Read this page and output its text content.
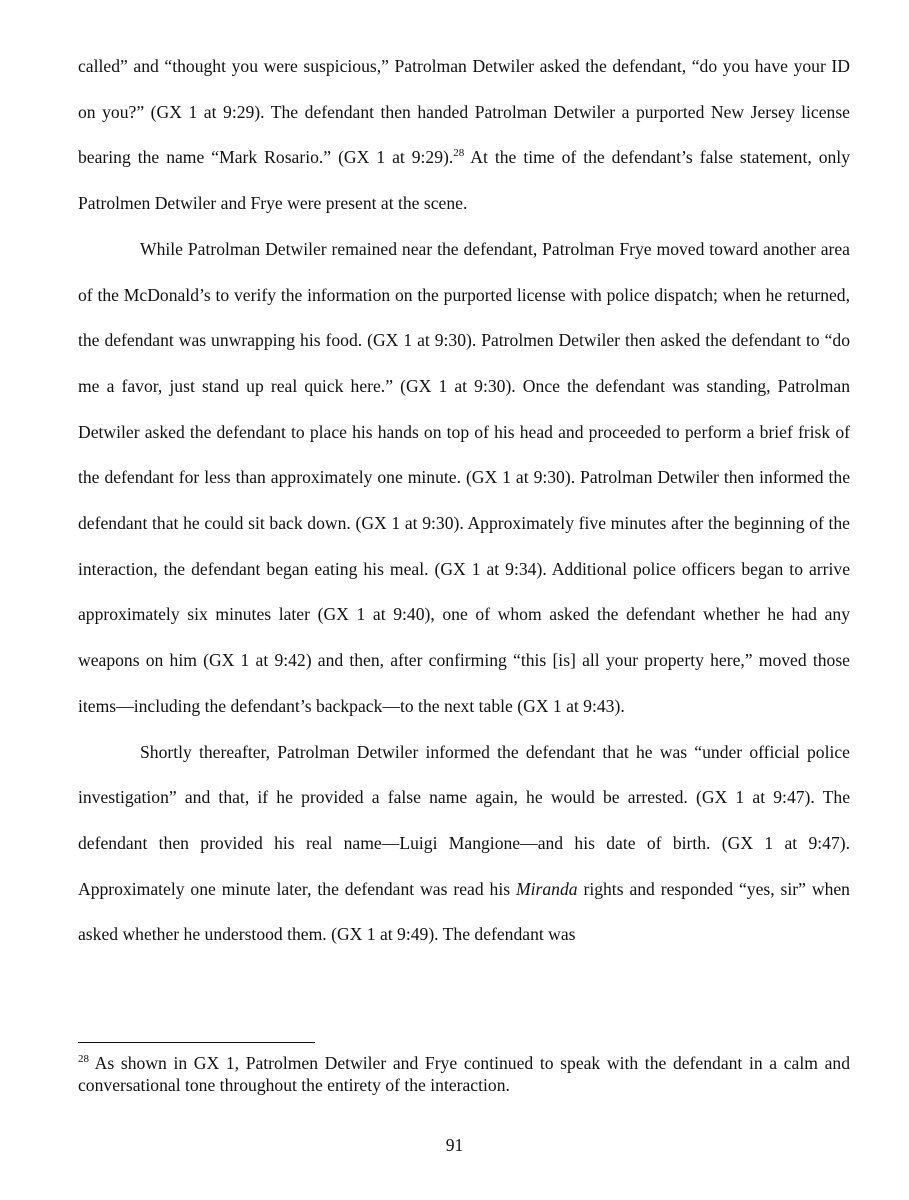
called” and “thought you were suspicious,” Patrolman Detwiler asked the defendant, “do you have your ID on you?” (GX 1 at 9:29). The defendant then handed Patrolman Detwiler a purported New Jersey license bearing the name “Mark Rosario.” (GX 1 at 9:29).$^{28}$ At the time of the defendant’s false statement, only Patrolmen Detwiler and Frye were present at the scene.

While Patrolman Detwiler remained near the defendant, Patrolman Frye moved toward another area of the McDonald’s to verify the information on the purported license with police dispatch; when he returned, the defendant was unwrapping his food. (GX 1 at 9:30). Patrolmen Detwiler then asked the defendant to “do me a favor, just stand up real quick here.” (GX 1 at 9:30). Once the defendant was standing, Patrolman Detwiler asked the defendant to place his hands on top of his head and proceeded to perform a brief frisk of the defendant for less than approximately one minute. (GX 1 at 9:30). Patrolman Detwiler then informed the defendant that he could sit back down. (GX 1 at 9:30). Approximately five minutes after the beginning of the interaction, the defendant began eating his meal. (GX 1 at 9:34). Additional police officers began to arrive approximately six minutes later (GX 1 at 9:40), one of whom asked the defendant whether he had any weapons on him (GX 1 at 9:42) and then, after confirming “this [is] all your property here,” moved those items—including the defendant’s backpack—to the next table (GX 1 at 9:43).

Shortly thereafter, Patrolman Detwiler informed the defendant that he was “under official police investigation” and that, if he provided a false name again, he would be arrested. (GX 1 at 9:47). The defendant then provided his real name—Luigi Mangione—and his date of birth. (GX 1 at 9:47). Approximately one minute later, the defendant was read his Miranda rights and responded “yes, sir” when asked whether he understood them. (GX 1 at 9:49). The defendant was

$^{28}$ As shown in GX 1, Patrolmen Detwiler and Frye continued to speak with the defendant in a calm and conversational tone throughout the entirety of the interaction.

91
